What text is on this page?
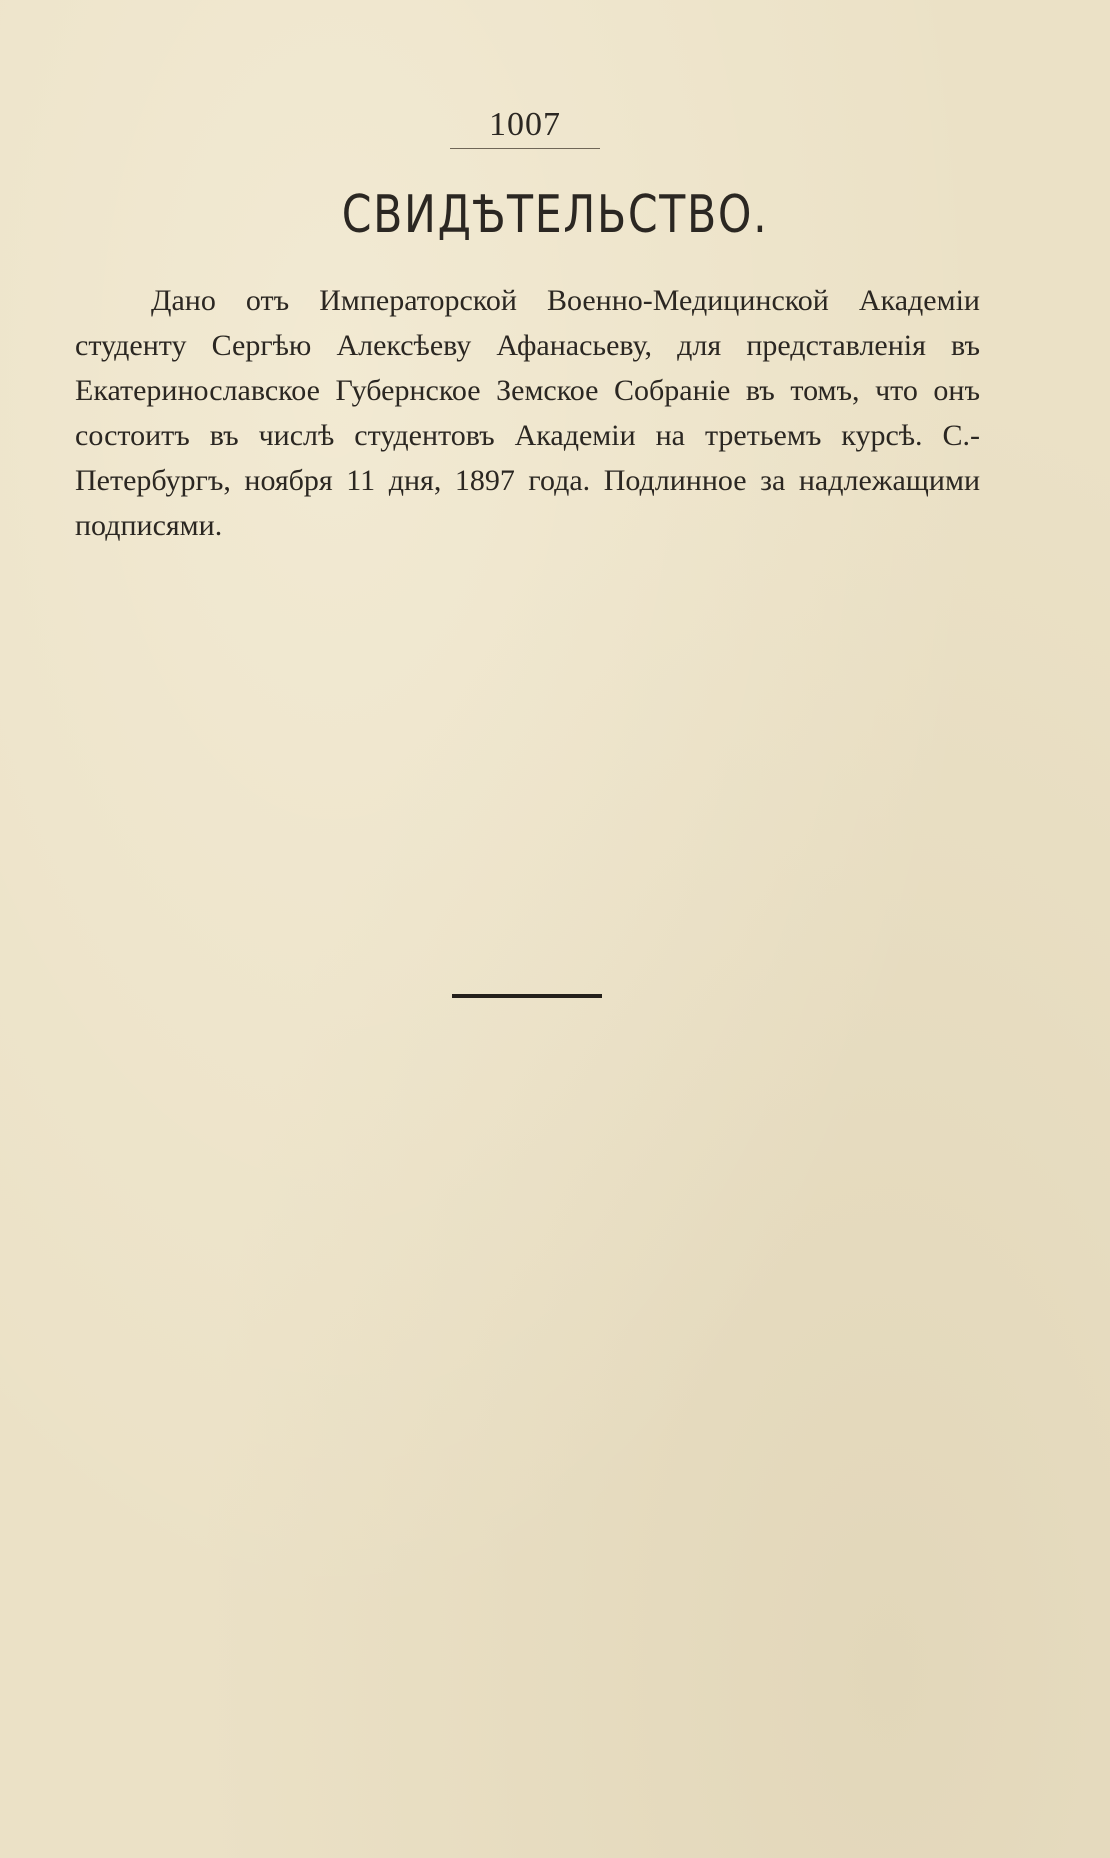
1007
СВИДѢТЕЛЬСТВО.

Дано отъ Императорской Военно-Медицинской Академіи студенту Сергѣю Алексѣеву Афанасьеву, для представленія въ Екатеринославское Губернское Земское Собраніе въ томъ, что онъ состоитъ въ числѣ студентовъ Академіи на третьемъ курсѣ. С.-Петербургъ, ноября 11 дня, 1897 года. Подлинное за надлежащими подписями.
